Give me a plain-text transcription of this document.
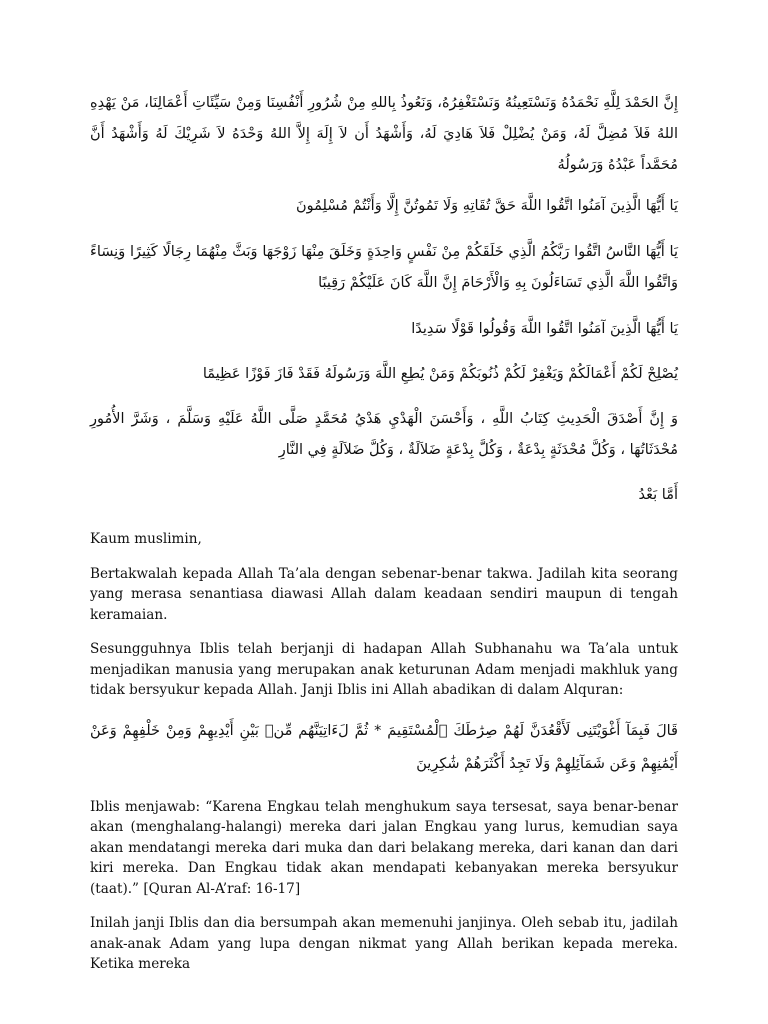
إِنَّ الحَمْدَ لِلَّهِ نَحْمَدُهُ وَنَسْتَعِينُهُ وَنَسْتَغْفِرُهُ، وَنَعُوذُ بِاللهِ مِنْ شُرُورِ أَنْفُسِنَا وَمِنْ سَيِّئَاتِ أَعْمَالِنَا، مَنْ يَهْدِهِ اللهُ فَلاَ مُضِلَّ لَهُ، وَمَنْ يُضْلِلْ فَلاَ هَادِيَ لَهُ، وَأَشْهَدُ أَن لاَ إِلَهَ إِلاَّ اللهُ وَحْدَهُ لاَ شَرِيْكَ لَهُ وَأَشْهَدُ أَنَّ مُحَمَّداً عَبْدُهُ وَرَسُولُهُ

يَا أَيُّهَا الَّذِينَ آمَنُوا اتَّقُوا اللَّهَ حَقَّ تُقَاتِهِ وَلَا تَمُوتُنَّ إِلَّا وَأَنْتُمْ مُسْلِمُونَ

يَا أَيُّهَا النَّاسُ اتَّقُوا رَبَّكُمُ الَّذِي خَلَقَكُمْ مِنْ نَفْسٍ وَاحِدَةٍ وَخَلَقَ مِنْهَا زَوْجَهَا وَبَثَّ مِنْهُمَا رِجَالًا كَثِيرًا وَنِسَاءً وَاتَّقُوا اللَّهَ الَّذِي تَسَاءَلُونَ بِهِ وَالْأَرْحَامَ إِنَّ اللَّهَ كَانَ عَلَيْكُمْ رَقِيبًا

يَا أَيُّهَا الَّذِينَ آمَنُوا اتَّقُوا اللَّهَ وَقُولُوا قَوْلًا سَدِيدًا

يُصْلِحْ لَكُمْ أَعْمَالَكُمْ وَيَغْفِرْ لَكُمْ ذُنُوبَكُمْ وَمَنْ يُطِعِ اللَّهَ وَرَسُولَهُ فَقَدْ فَازَ فَوْزًا عَظِيمًا

وَ إِنَّ أَصْدَقَ الْحَدِيثِ كِتَابُ اللَّهِ ، وَأَحْسَنَ الْهَدْيِ هَدْيُ مُحَمَّدٍ صَلَّى اللَّهُ عَلَيْهِ وَسَلَّمَ ، وَشَرَّ الأُمُورِ مُحْدَثَاتُهَا ، وَكُلَّ مُحْدَثَةٍ بِدْعَةٌ ، وَكُلَّ بِدْعَةٍ ضَلاَلَةٌ ، وَكُلَّ ضَلاَلَةٍ فِي النَّارِ

أَمَّا بَعْدُ

Kaum muslimin,

Bertakwalah kepada Allah Ta’ala dengan sebenar-benar takwa. Jadilah kita seorang yang merasa senantiasa diawasi Allah dalam keadaan sendiri maupun di tengah keramaian.

Sesungguhnya Iblis telah berjanji di hadapan Allah Subhanahu wa Ta’ala untuk menjadikan manusia yang merupakan anak keturunan Adam menjadi makhluk yang tidak bersyukur kepada Allah. Janji Iblis ini Allah abadikan di dalam Alquran:

قَالَ فَبِمَآ أَغْوَيْتَنِى لَأَقْعُدَنَّ لَهُمْ صِرَٰطَكَ ٱلْمُسْتَقِيمَ * ثُمَّ لَءَاتِيَنَّهُم مِّنۢ بَيْنِ أَيْدِيهِمْ وَمِنْ خَلْفِهِمْ وَعَنْ أَيْمَٰنِهِمْ وَعَن شَمَآئِلِهِمْ وَلَا تَجِدُ أَكْثَرَهُمْ شَٰكِرِينَ

Iblis menjawab: “Karena Engkau telah menghukum saya tersesat, saya benar-benar akan (menghalang-halangi) mereka dari jalan Engkau yang lurus, kemudian saya akan mendatangi mereka dari muka dan dari belakang mereka, dari kanan dan dari kiri mereka. Dan Engkau tidak akan mendapati kebanyakan mereka bersyukur (taat).” [Quran Al-A’raf: 16-17]

Inilah janji Iblis dan dia bersumpah akan memenuhi janjinya. Oleh sebab itu, jadilah anak-anak Adam yang lupa dengan nikmat yang Allah berikan kepada mereka. Ketika mereka
